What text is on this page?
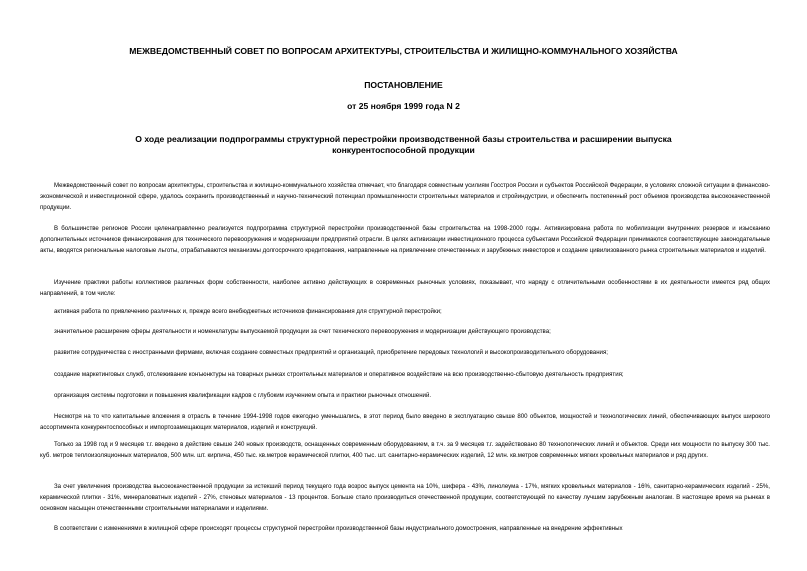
МЕЖВЕДОМСТВЕННЫЙ СОВЕТ ПО ВОПРОСАМ АРХИТЕКТУРЫ, СТРОИТЕЛЬСТВА И ЖИЛИЩНО-КОММУНАЛЬНОГО ХОЗЯЙСТВА

ПОСТАНОВЛЕНИЕ

от 25 ноября 1999 года N 2

О ходе реализации подпрограммы структурной перестройки производственной базы строительства и расширении выпуска конкурентоспособной продукции

Межведомственный совет по вопросам архитектуры, строительства и жилищно-коммунального хозяйства отмечает, что благодаря совместным усилиям Госстроя России и субъектов Российской Федерации, в условиях сложной ситуации в финансово-экономической и инвестиционной сфере, удалось сохранить производственный и научно-технический потенциал промышленности строительных материалов и стройиндустрии, и обеспечить постепенный рост объемов производства высококачественной продукции.

В большинстве регионов России целенаправленно реализуется подпрограмма структурной перестройки производственной базы строительства на 1998-2000 годы. Активизирована работа по мобилизации внутренних резервов и изысканию дополнительных источников финансирования для технического перевооружения и модернизации предприятий отрасли. В целях активизации инвестиционного процесса субъектами Российской Федерации принимаются соответствующие законодательные акты, вводятся региональные налоговые льготы, отрабатываются механизмы долгосрочного кредитования, направленные на привлечение отечественных и зарубежных инвесторов и создание цивилизованного рынка строительных материалов и изделий.

Изучение практики работы коллективов различных форм собственности, наиболее активно действующих в современных рыночных условиях, показывает, что наряду с отличительными особенностями в их деятельности имеется ряд общих направлений, в том числе:

активная работа по привлечению различных и, прежде всего внебюджетных источников финансирования для структурной перестройки;

значительное расширение сферы деятельности и номенклатуры выпускаемой продукции за счет технического перевооружения и модернизации действующего производства;

развитие сотрудничества с иностранными фирмами, включая создание совместных предприятий и организаций, приобретение передовых технологий и высокопроизводительного оборудования;

создание маркетинговых служб, отслеживание конъюнктуры на товарных рынках строительных материалов и оперативное воздействие на всю производственно-сбытовую деятельность предприятия;

организация системы подготовки и повышения квалификации кадров с глубоким изучением опыта и практики рыночных отношений.

Несмотря на то что капитальные вложения в отрасль в течение 1994-1998 годов ежегодно уменьшались, в этот период было введено в эксплуатацию свыше 800 объектов, мощностей и технологических линий, обеспечивающих выпуск широкого ассортимента конкурентоспособных и импортозамещающих материалов, изделий и конструкций.

Только за 1998 год и 9 месяцев т.г. введено в действие свыше 240 новых производств, оснащенных современным оборудованием, в т.ч. за 9 месяцев т.г. задействовано 80 технологических линий и объектов. Среди них мощности по выпуску 300 тыс. куб. метров теплоизоляционных материалов, 500 млн. шт. кирпича, 450 тыс. кв.метров керамической плитки, 400 тыс. шт. санитарно-керамических изделий, 12 млн. кв.метров современных мягких кровельных материалов и ряд других.

За счет увеличения производства высококачественной продукции за истекший период текущего года возрос выпуск цемента на 10%, шифера - 43%, линолеума - 17%, мягких кровельных материалов - 16%, санитарно-керамических изделий - 25%, керамической плитки - 31%, минераловатных изделий - 27%, стеновых материалов - 13 процентов. Больше стало производиться отечественной продукции, соответствующей по качеству лучшим зарубежным аналогам. В настоящее время на рынках в основном насыщен отечественными строительными материалами и изделиями.

В соответствии с изменениями в жилищной сфере происходят процессы структурной перестройки производственной базы индустриального домостроения, направленные на внедрение эффективных
